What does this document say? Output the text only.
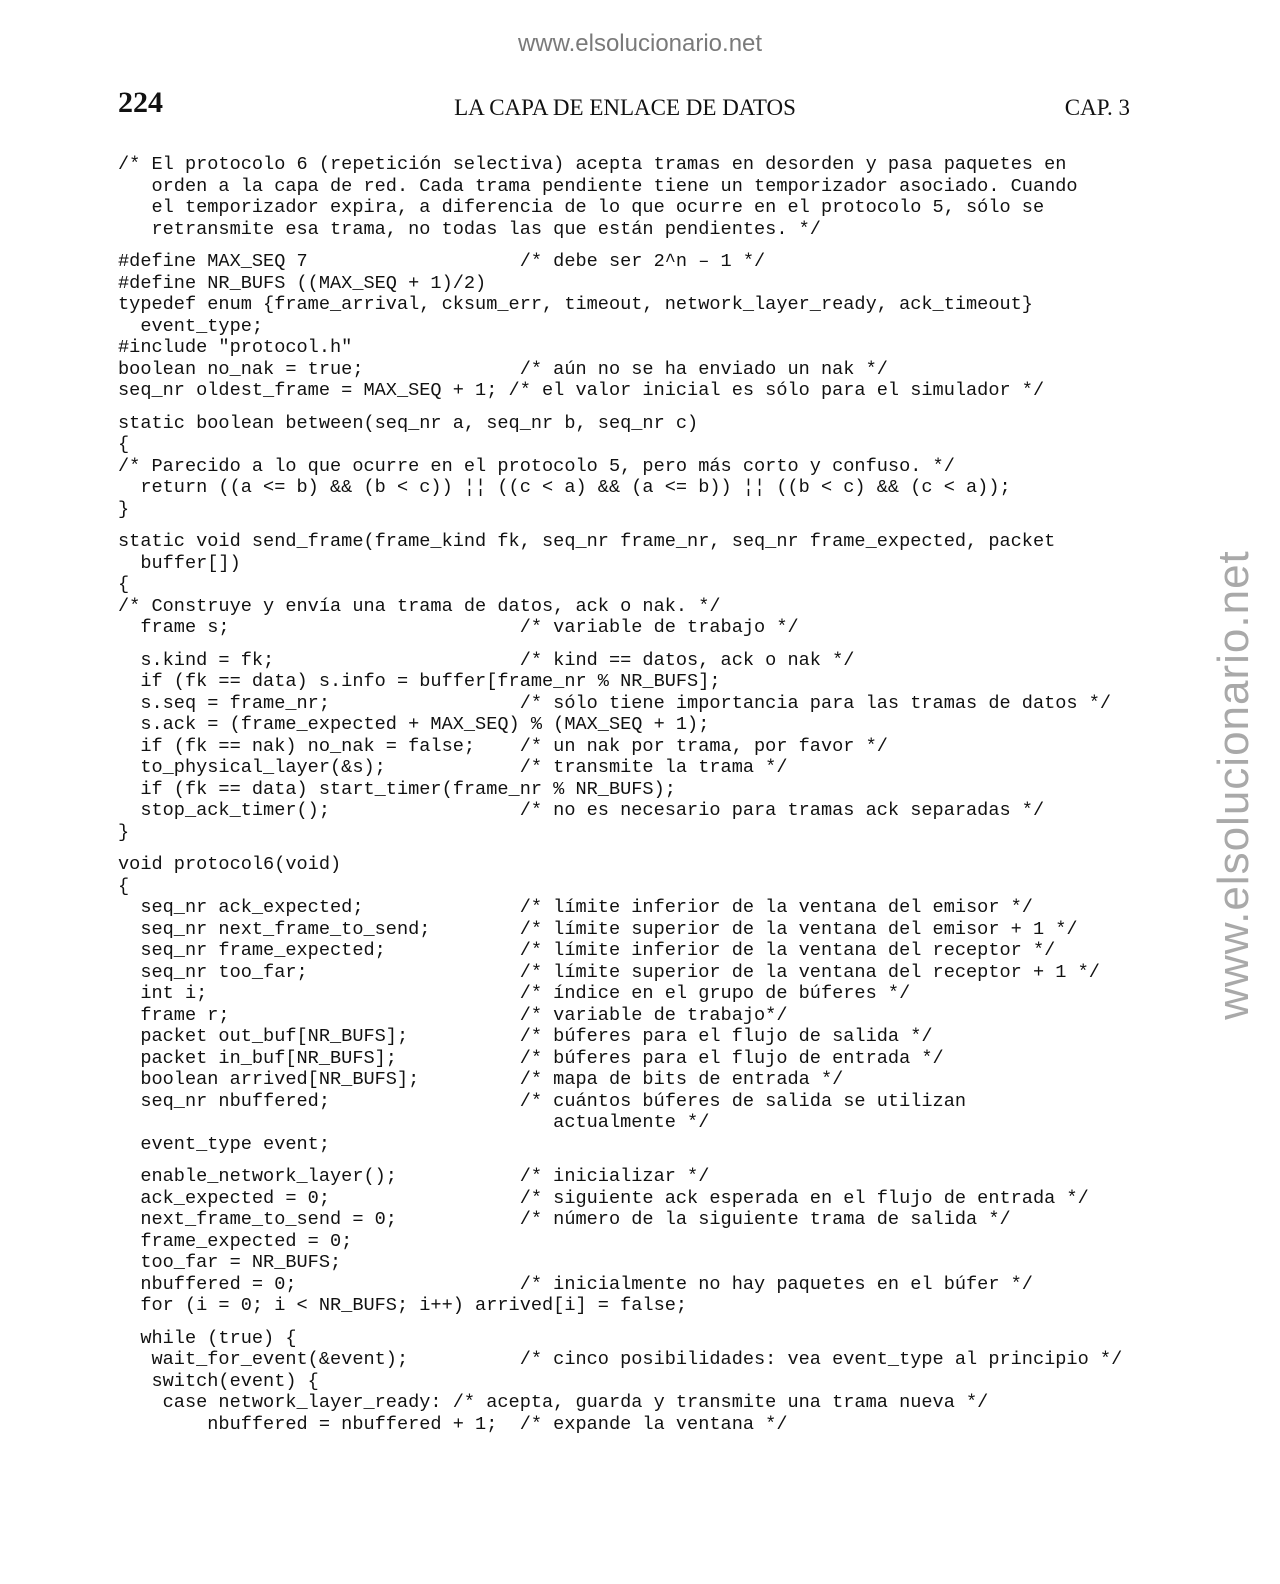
www.elsolucionario.net
www.elsolucionario.net
224	LA CAPA DE ENLACE DE DATOS	CAP. 3
/* El protocolo 6 (repetición selectiva) acepta tramas en desorden y pasa paquetes en
orden a la capa de red. Cada trama pendiente tiene un temporizador asociado. Cuando
el temporizador expira, a diferencia de lo que ocurre en el protocolo 5, sólo se
retransmite esa trama, no todas las que están pendientes. */
#define MAX_SEQ 7                   /* debe ser 2^n – 1 */
#define NR_BUFS ((MAX_SEQ + 1)/2)
typedef enum {frame_arrival, cksum_err, timeout, network_layer_ready, ack_timeout}
event_type;
#include "protocol.h"
boolean no_nak = true;              /* aún no se ha enviado un nak */
seq_nr oldest_frame = MAX_SEQ + 1; /* el valor inicial es sólo para el simulador */
static boolean between(seq_nr a, seq_nr b, seq_nr c)
{
/* Parecido a lo que ocurre en el protocolo 5, pero más corto y confuso. */
return ((a <= b) && (b < c)) ¦¦ ((c < a) && (a <= b)) ¦¦ ((b < c) && (c < a));
}
static void send_frame(frame_kind fk, seq_nr frame_nr, seq_nr frame_expected, packet
buffer[])
{
/* Construye y envía una trama de datos, ack o nak. */
frame s;                          /* variable de trabajo */
s.kind = fk;                      /* kind == datos, ack o nak */
if (fk == data) s.info = buffer[frame_nr % NR_BUFS];
s.seq = frame_nr;                 /* sólo tiene importancia para las tramas de datos */
s.ack = (frame_expected + MAX_SEQ) % (MAX_SEQ + 1);
if (fk == nak) no_nak = false;    /* un nak por trama, por favor */
to_physical_layer(&s);            /* transmite la trama */
if (fk == data) start_timer(frame_nr % NR_BUFS);
stop_ack_timer();                 /* no es necesario para tramas ack separadas */
}
void protocol6(void)
{
seq_nr ack_expected;              /* límite inferior de la ventana del emisor */
seq_nr next_frame_to_send;        /* límite superior de la ventana del emisor + 1 */
seq_nr frame_expected;            /* límite inferior de la ventana del receptor */
seq_nr too_far;                   /* límite superior de la ventana del receptor + 1 */
int i;                            /* índice en el grupo de búferes */
frame r;                          /* variable de trabajo*/
packet out_buf[NR_BUFS];          /* búferes para el flujo de salida */
packet in_buf[NR_BUFS];           /* búferes para el flujo de entrada */
boolean arrived[NR_BUFS];         /* mapa de bits de entrada */
seq_nr nbuffered;                 /* cuántos búferes de salida se utilizan
actualmente */
event_type event;
enable_network_layer();           /* inicializar */
ack_expected = 0;                 /* siguiente ack esperada en el flujo de entrada */
next_frame_to_send = 0;           /* número de la siguiente trama de salida */
frame_expected = 0;
too_far = NR_BUFS;
nbuffered = 0;                    /* inicialmente no hay paquetes en el búfer */
for (i = 0; i < NR_BUFS; i++) arrived[i] = false;
while (true) {
wait_for_event(&event);          /* cinco posibilidades: vea event_type al principio */
switch(event) {
case network_layer_ready: /* acepta, guarda y transmite una trama nueva */
nbuffered = nbuffered + 1;  /* expande la ventana */
